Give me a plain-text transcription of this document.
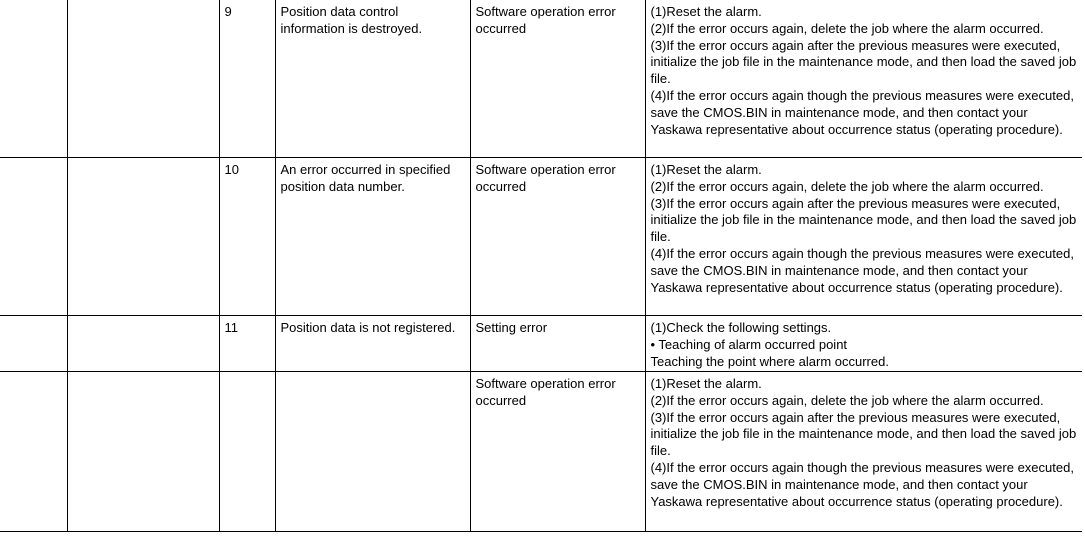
		9	Position data control information is destroyed.	Software operation error occurred	(1)Reset the alarm.
(2)If the error occurs again, delete the job where the alarm occurred.
(3)If the error occurs again after the previous measures were executed, initialize the job file in the maintenance mode, and then load the saved job file.
(4)If the error occurs again though the previous measures were executed, save the CMOS.BIN in maintenance mode, and then contact your Yaskawa representative about occurrence status (operating procedure).
		10	An error occurred in specified position data number.	Software operation error occurred	(1)Reset the alarm.
(2)If the error occurs again, delete the job where the alarm occurred.
(3)If the error occurs again after the previous measures were executed, initialize the job file in the maintenance mode, and then load the saved job file.
(4)If the error occurs again though the previous measures were executed, save the CMOS.BIN in maintenance mode, and then contact your Yaskawa representative about occurrence status (operating procedure).
		11	Position data is not registered.	Setting error	(1)Check the following settings.
• Teaching of alarm occurred point
Teaching the point where alarm occurred.
				Software operation error occurred	(1)Reset the alarm.
(2)If the error occurs again, delete the job where the alarm occurred.
(3)If the error occurs again after the previous measures were executed, initialize the job file in the maintenance mode, and then load the saved job file.
(4)If the error occurs again though the previous measures were executed, save the CMOS.BIN in maintenance mode, and then contact your Yaskawa representative about occurrence status (operating procedure).
